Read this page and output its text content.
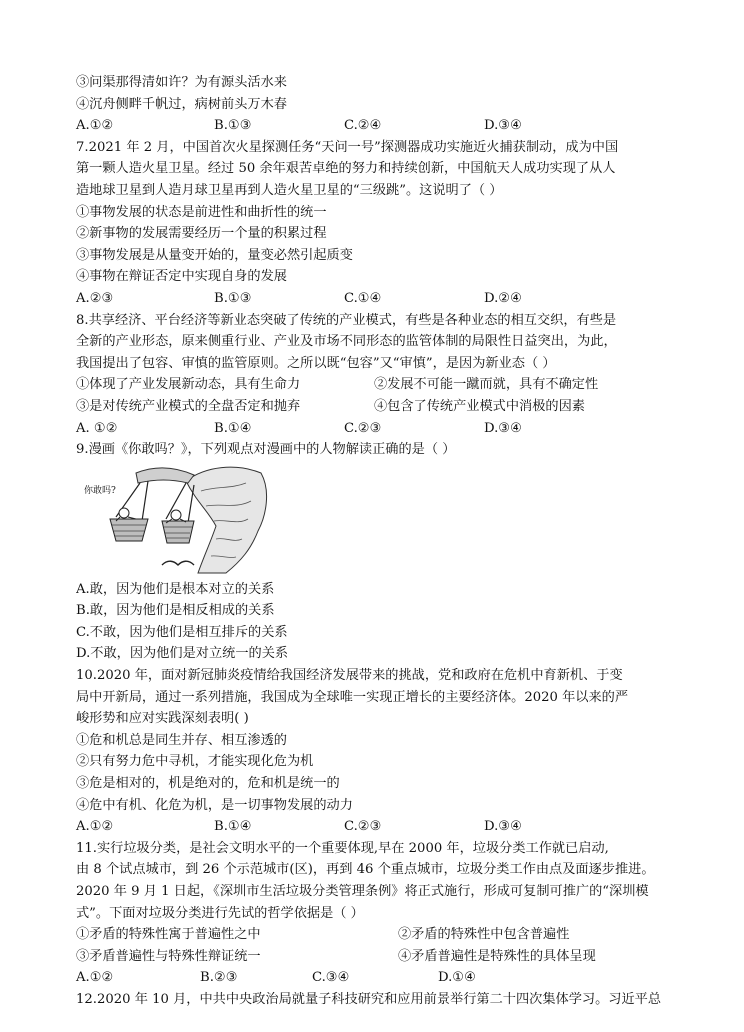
③问渠那得清如许？为有源头活水来
④沉舟侧畔千帆过，病树前头万木春
A.①②	B.①③	C.②④	D.③④
7.2021 年 2 月，中国首次火星探测任务“天问一号”探测器成功实施近火捕获制动，成为中国
第一颗人造火星卫星。经过 50 余年艰苦卓绝的努力和持续创新，中国航天人成功实现了从人
造地球卫星到人造月球卫星再到人造火星卫星的“三级跳”。这说明了（ ）
①事物发展的状态是前进性和曲折性的统一
②新事物的发展需要经历一个量的积累过程
③事物发展是从量变开始的，量变必然引起质变
④事物在辩证否定中实现自身的发展
A.②③	B.①③	C.①④	D.②④
8.共享经济、平台经济等新业态突破了传统的产业模式，有些是各种业态的相互交织，有些是
全新的产业形态，原来侧重行业、产业及市场不同形态的监管体制的局限性日益突出，为此，
我国提出了包容、审慎的监管原则。之所以既“包容”又“审慎”，是因为新业态（ ）
①体现了产业发展新动态，具有生命力	②发展不可能一蹴而就，具有不确定性
③是对传统产业模式的全盘否定和抛弃	④包含了传统产业模式中消极的因素
A. ①②	B.①④	C.②③	D.③④
9.漫画《你敢吗？》，下列观点对漫画中的人物解读正确的是（ ）
你敢吗?
A.敢，因为他们是根本对立的关系
B.敢，因为他们是相反相成的关系
C.不敢，因为他们是相互排斥的关系
D.不敢，因为他们是对立统一的关系
10.2020 年，面对新冠肺炎疫情给我国经济发展带来的挑战，党和政府在危机中育新机、于变
局中开新局，通过一系列措施，我国成为全球唯一实现正增长的主要经济体。2020 年以来的严
峻形势和应对实践深刻表明( )
①危和机总是同生并存、相互渗透的
②只有努力危中寻机，才能实现化危为机
③危是相对的，机是绝对的，危和机是统一的
④危中有机、化危为机，是一切事物发展的动力
A.①②	B.①④	C.②③	D.③④
11.实行垃圾分类，是社会文明水平的一个重要体现,早在 2000 年，垃圾分类工作就已启动,
由 8 个试点城市，到 26 个示范城市(区)，再到 46 个重点城市，垃圾分类工作由点及面逐步推进。
2020 年 9 月 1 日起，《深圳市生活垃圾分类管理条例》将正式施行，形成可复制可推广的“深圳模
式”。下面对垃圾分类进行先试的哲学依据是（ ）
①矛盾的特殊性寓于普遍性之中	②矛盾的特殊性中包含普遍性
③矛盾普遍性与特殊性辩证统一	④矛盾普遍性是特殊性的具体呈现
A.①②	B.②③	C.③④	D.①④
12.2020 年 10 月，中共中央政治局就量子科技研究和应用前景举行第二十四次集体学习。习近平总
